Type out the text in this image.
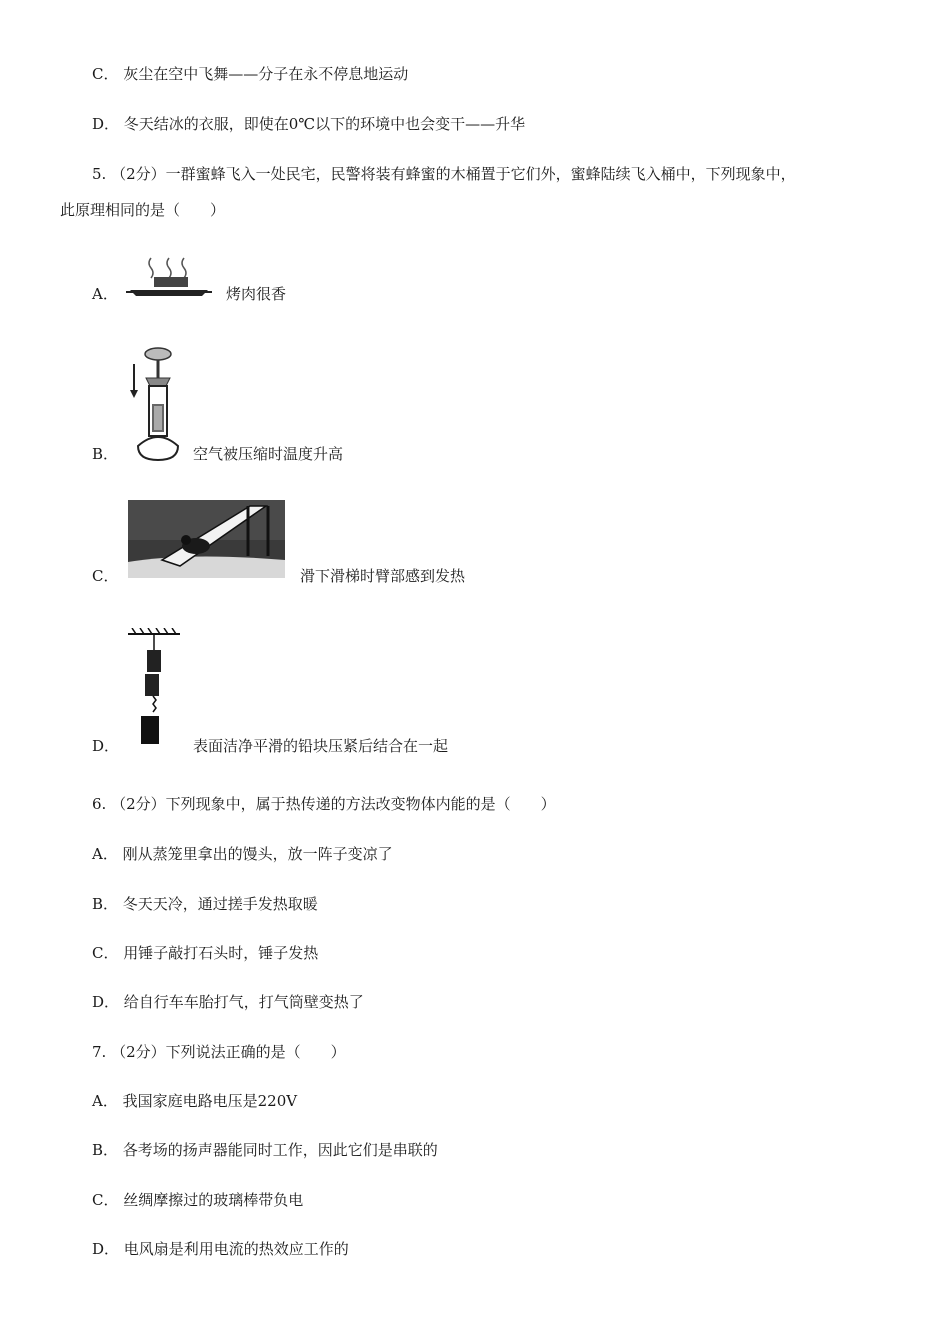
C． 灰尘在空中飞舞——分子在永不停息地运动
D． 冬天结冰的衣服，即使在0℃以下的环境中也会变干——升华
5. （2分）一群蜜蜂飞入一处民宅，民警将装有蜂蜜的木桶置于它们外，蜜蜂陆续飞入桶中，下列现象中，
此原理相同的是（　　）
A．	烤肉很香
B．	空气被压缩时温度升高
C．	滑下滑梯时臂部感到发热
D．	表面洁净平滑的铅块压紧后结合在一起
6. （2分）下列现象中，属于热传递的方法改变物体内能的是（　　）
A． 刚从蒸笼里拿出的馒头，放一阵子变凉了
B． 冬天天冷，通过搓手发热取暖
C． 用锤子敲打石头时，锤子发热
D． 给自行车车胎打气，打气筒壁变热了
7. （2分）下列说法正确的是（　　）
A． 我国家庭电路电压是220V
B． 各考场的扬声器能同时工作，因此它们是串联的
C． 丝绸摩擦过的玻璃棒带负电
D． 电风扇是利用电流的热效应工作的
